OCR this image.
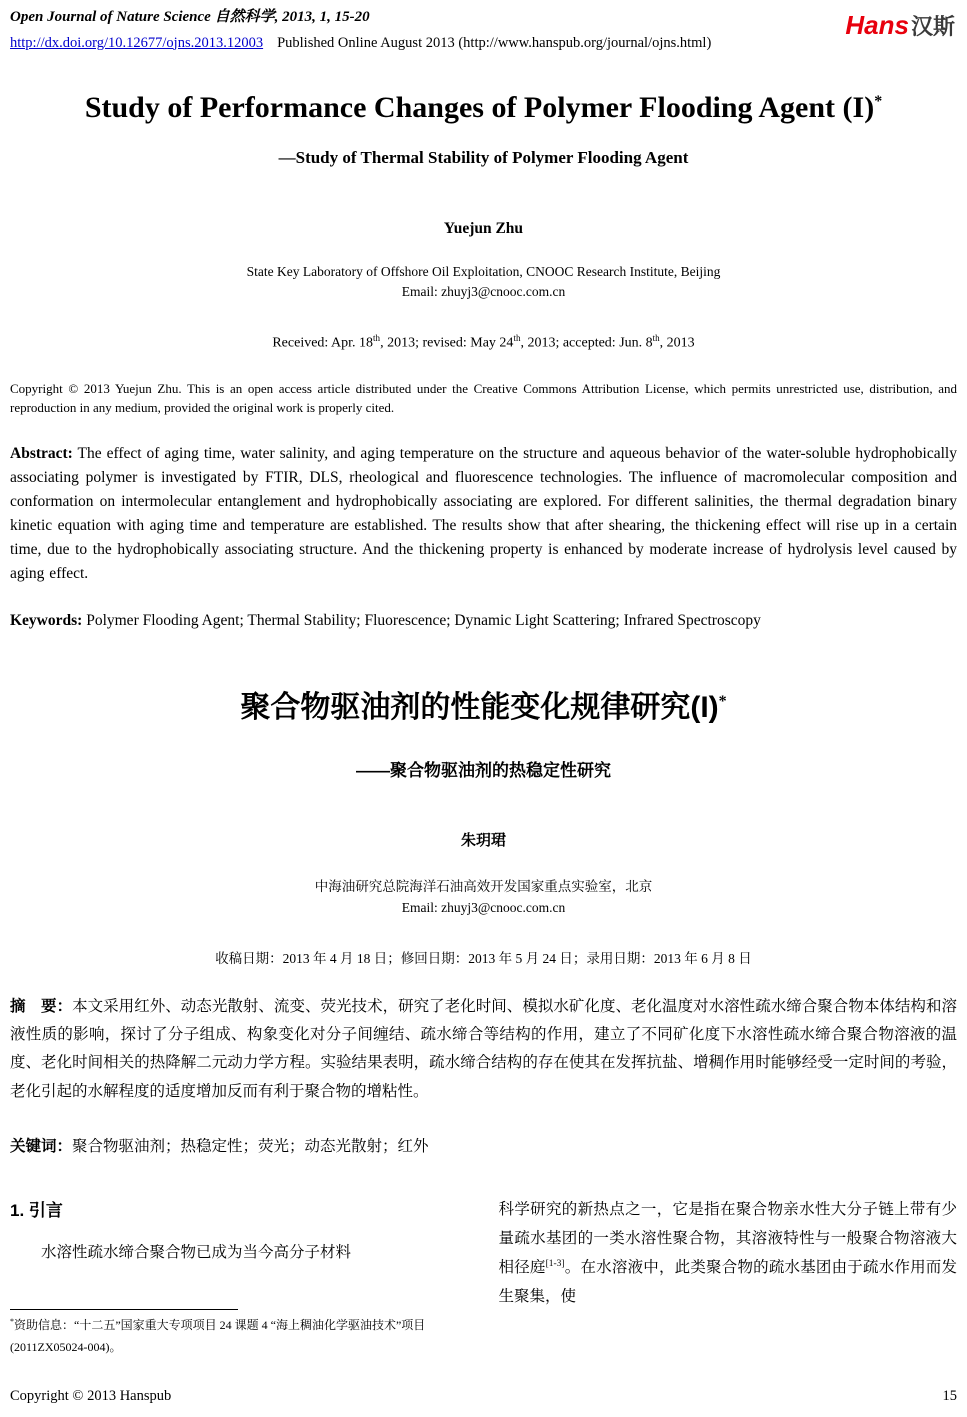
Open Journal of Nature Science 自然科学, 2013, 1, 15-20
http://dx.doi.org/10.12677/ojns.2013.12003 Published Online August 2013 (http://www.hanspub.org/journal/ojns.html)
Hans 汉斯
Study of Performance Changes of Polymer Flooding Agent (I)*
—Study of Thermal Stability of Polymer Flooding Agent
Yuejun Zhu
State Key Laboratory of Offshore Oil Exploitation, CNOOC Research Institute, Beijing
Email: zhuyj3@cnooc.com.cn
Received: Apr. 18th, 2013; revised: May 24th, 2013; accepted: Jun. 8th, 2013

Copyright © 2013 Yuejun Zhu. This is an open access article distributed under the Creative Commons Attribution License, which permits unrestricted use, distribution, and reproduction in any medium, provided the original work is properly cited.

Abstract: The effect of aging time, water salinity, and aging temperature on the structure and aqueous behavior of the water-soluble hydrophobically associating polymer is investigated by FTIR, DLS, rheological and fluorescence technologies. The influence of macromolecular composition and conformation on intermolecular entanglement and hydrophobically associating are explored. For different salinities, the thermal degradation binary kinetic equation with aging time and temperature are established. The results show that after shearing, the thickening effect will rise up in a certain time, due to the hydrophobically associating structure. And the thickening property is enhanced by moderate increase of hydrolysis level caused by aging effect.

Keywords: Polymer Flooding Agent; Thermal Stability; Fluorescence; Dynamic Light Scattering; Infrared Spectroscopy

聚合物驱油剂的性能变化规律研究(I)*
——聚合物驱油剂的热稳定性研究
朱玥珺
中海油研究总院海洋石油高效开发国家重点实验室，北京
Email: zhuyj3@cnooc.com.cn
收稿日期：2013 年 4 月 18 日；修回日期：2013 年 5 月 24 日；录用日期：2013 年 6 月 8 日

摘　要：本文采用红外、动态光散射、流变、荧光技术，研究了老化时间、模拟水矿化度、老化温度对水溶性疏水缔合聚合物本体结构和溶液性质的影响，探讨了分子组成、构象变化对分子间缠结、疏水缔合等结构的作用，建立了不同矿化度下水溶性疏水缔合聚合物溶液的温度、老化时间相关的热降解二元动力学方程。实验结果表明，疏水缔合结构的存在使其在发挥抗盐、增稠作用时能够经受一定时间的考验，老化引起的水解程度的适度增加反而有利于聚合物的增粘性。

关键词：聚合物驱油剂；热稳定性；荧光；动态光散射；红外

1. 引言

水溶性疏水缔合聚合物已成为当今高分子材料

*资助信息：“十二五”国家重大专项项目 24 课题 4 “海上稠油化学驱油技术”项目(2011ZX05024-004)。

科学研究的新热点之一，它是指在聚合物亲水性大分子链上带有少量疏水基团的一类水溶性聚合物，其溶液特性与一般聚合物溶液大相径庭[1-3]。在水溶液中，此类聚合物的疏水基团由于疏水作用而发生聚集，使

Copyright © 2013 Hanspub	15
